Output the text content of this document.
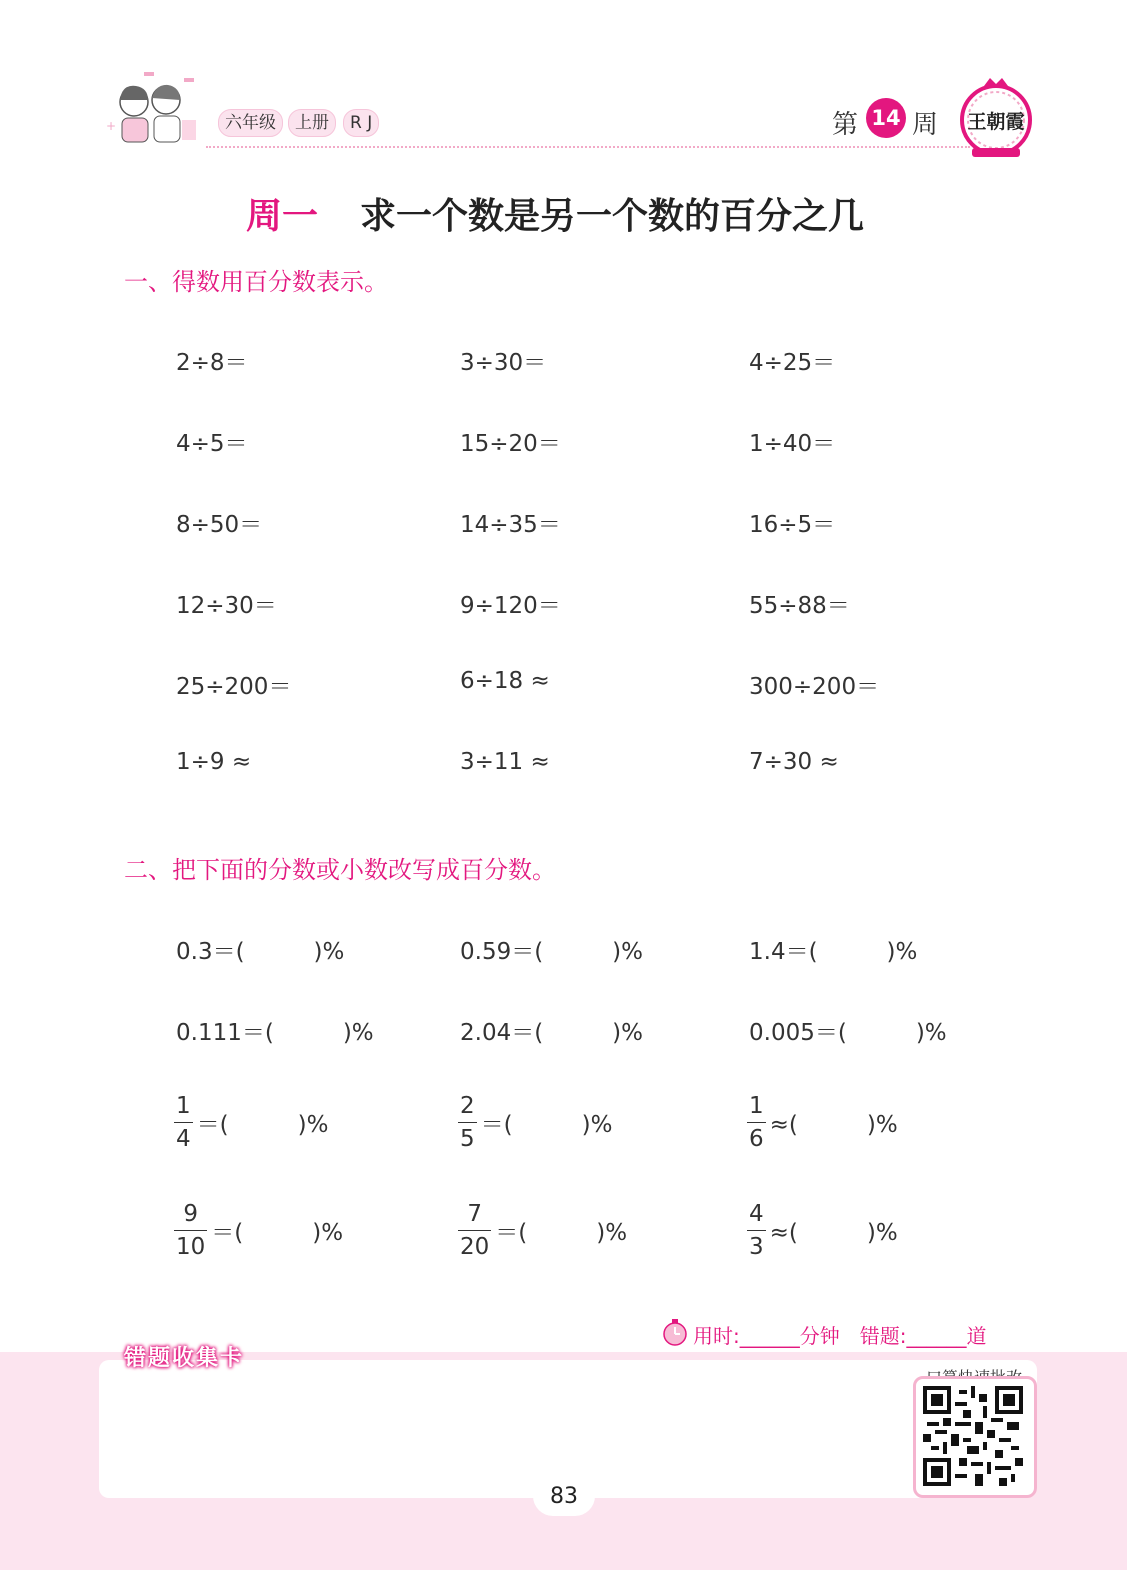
+	六年级	上册	R J	第 14 周 王朝霞
周一 求一个数是另一个数的百分之几
一、得数用百分数表示。
2÷8＝	3÷30＝	4÷25＝
4÷5＝	15÷20＝	1÷40＝
8÷50＝	14÷35＝	16÷5＝
12÷30＝	9÷120＝	55÷88＝
25÷200＝	6÷18 ≈	300÷200＝
1÷9 ≈	3÷11 ≈	7÷30 ≈
二、把下面的分数或小数改写成百分数。
0.3＝(　　　)%	0.59＝(　　　)%	1.4＝(　　　)%
0.111＝(　　　)%	2.04＝(　　　)%	0.005＝(　　　)%
$\frac{1}{4}$ ＝(　　　)%	$\frac{2}{5}$ ＝(　　　)%	$\frac{1}{6}$ ≈(　　　)%
$\frac{9}{10}$ ＝(　　　)%	$\frac{7}{20}$ ＝(　　　)%	$\frac{4}{3}$ ≈(　　　)%
用时:______分钟　错题:______道
错题收集卡
83
